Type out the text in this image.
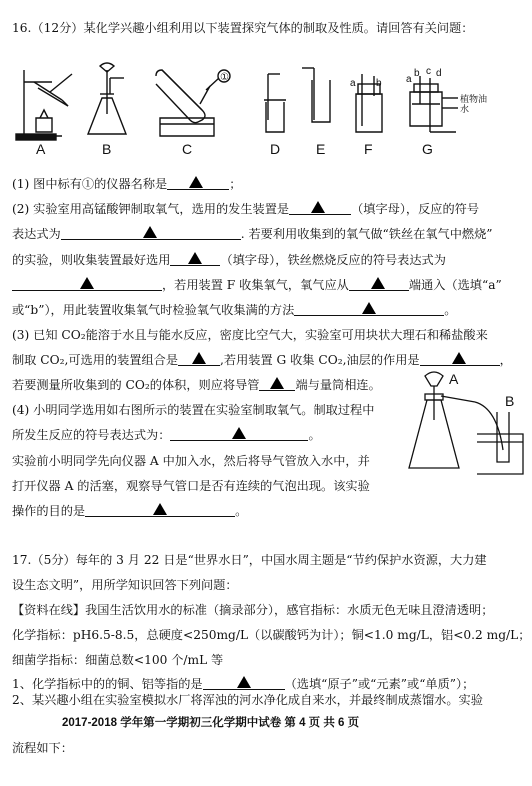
16.（12分）某化学兴趣小组利用以下装置探究气体的制取及性质。请回答有关问题：
A	B	C	D	E	F	G
①
a b a
b c d
植物油
水
(1) 图中标有①的仪器名称是	；
(2) 实验室用高锰酸钾制取氧气，选用的发生装置是	（填字母），反应的符号
表达式为	. 若要利用收集到的氧气做“铁丝在氧气中燃烧”
的实验，则收集装置最好选用	（填字母），铁丝燃烧反应的符号表达式为
，若用装置 F 收集氧气，氧气应从	端通入（选填“a”
或“b”），用此装置收集氧气时检验氧气收集满的方法	。
(3) 已知 CO₂能溶于水且与能水反应，密度比空气大，实验室可用块状大理石和稀盐酸来
制取 CO₂,可选用的装置组合是	,若用装置 G 收集 CO₂,油层的作用是	，
若要测量所收集到的 CO₂的体积，则应将导管	端与量筒相连。
(4) 小明同学选用如右图所示的装置在实验室制取氧气。制取过程中
所发生反应的符号表达式为：	。
实验前小明同学先向仪器 A 中加入水，然后将导气管放入水中，并
打开仪器 A 的活塞，观察导气管口是否有连续的气泡出现。该实验
操作的目的是	。
A
B
17.（5分）每年的 3 月 22 日是“世界水日”，中国水周主题是“节约保护水资源，大力建
设生态文明”，用所学知识回答下列问题：
【资料在线】我国生活饮用水的标准（摘录部分），感官指标：水质无色无味且澄清透明；
化学指标：pH6.5-8.5，总硬度<250mg/L（以碳酸钙为计）；铜<1.0 mg/L，铝<0.2 mg/L；
细菌学指标：细菌总数<100 个/mL 等
1、化学指标中的的铜、铝等指的是	（选填“原子”或“元素”或“单质”）；
2、某兴趣小组在实验室模拟水厂将浑浊的河水净化成自来水，并最终制成蒸馏水。实验
2017-2018 学年第一学期初三化学期中试卷 第 4 页 共 6 页
流程如下：
